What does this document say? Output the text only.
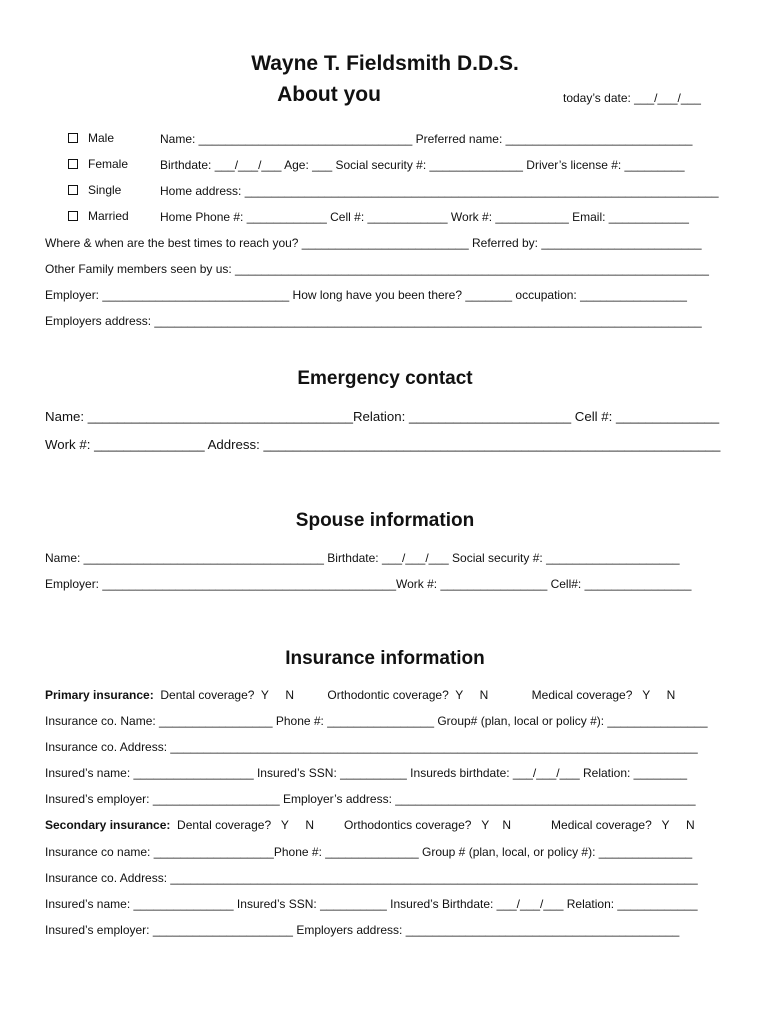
Wayne T. Fieldsmith D.D.S.
About you	today’s date: ___/___/___
Male
Female
Single
Married
Name: ________________________________ Preferred name: ____________________________
Birthdate: ___/___/___ Age: ___ Social security #: ______________ Driver’s license #: _________
Home address: _______________________________________________________________________
Home Phone #: ____________ Cell #: ____________ Work #: ___________ Email: ____________
Where & when are the best times to reach you? _________________________ Referred by: ________________________
Other Family members seen by us: _______________________________________________________________________
Employer: ____________________________ How long have you been there? _______ occupation: ________________
Employers address: __________________________________________________________________________________
Emergency contact
Name: ____________________________________Relation: ______________________ Cell #: ______________
Work #: _______________ Address: ______________________________________________________________
Spouse information
Name: ____________________________________ Birthdate: ___/___/___ Social security #: ____________________
Employer: ____________________________________________Work #: ________________ Cell#: ________________
Insurance information
Primary insurance:  Dental coverage?  Y     N          Orthodontic coverage?  Y     N             Medical coverage?   Y     N
Insurance co. Name: _________________ Phone #: ________________ Group# (plan, local or policy #): _______________
Insurance co. Address: _______________________________________________________________________________
Insured’s name: __________________ Insured’s SSN: __________ Insureds birthdate: ___/___/___ Relation: ________
Insured’s employer: ___________________ Employer’s address: _____________________________________________
Secondary insurance:  Dental coverage?   Y     N         Orthodontics coverage?   Y    N            Medical coverage?   Y     N
Insurance co name: __________________Phone #: ______________ Group # (plan, local, or policy #): ______________
Insurance co. Address: _______________________________________________________________________________
Insured’s name: _______________ Insured’s SSN: __________ Insured’s Birthdate: ___/___/___ Relation: ____________
Insured’s employer: _____________________ Employers address: _________________________________________
